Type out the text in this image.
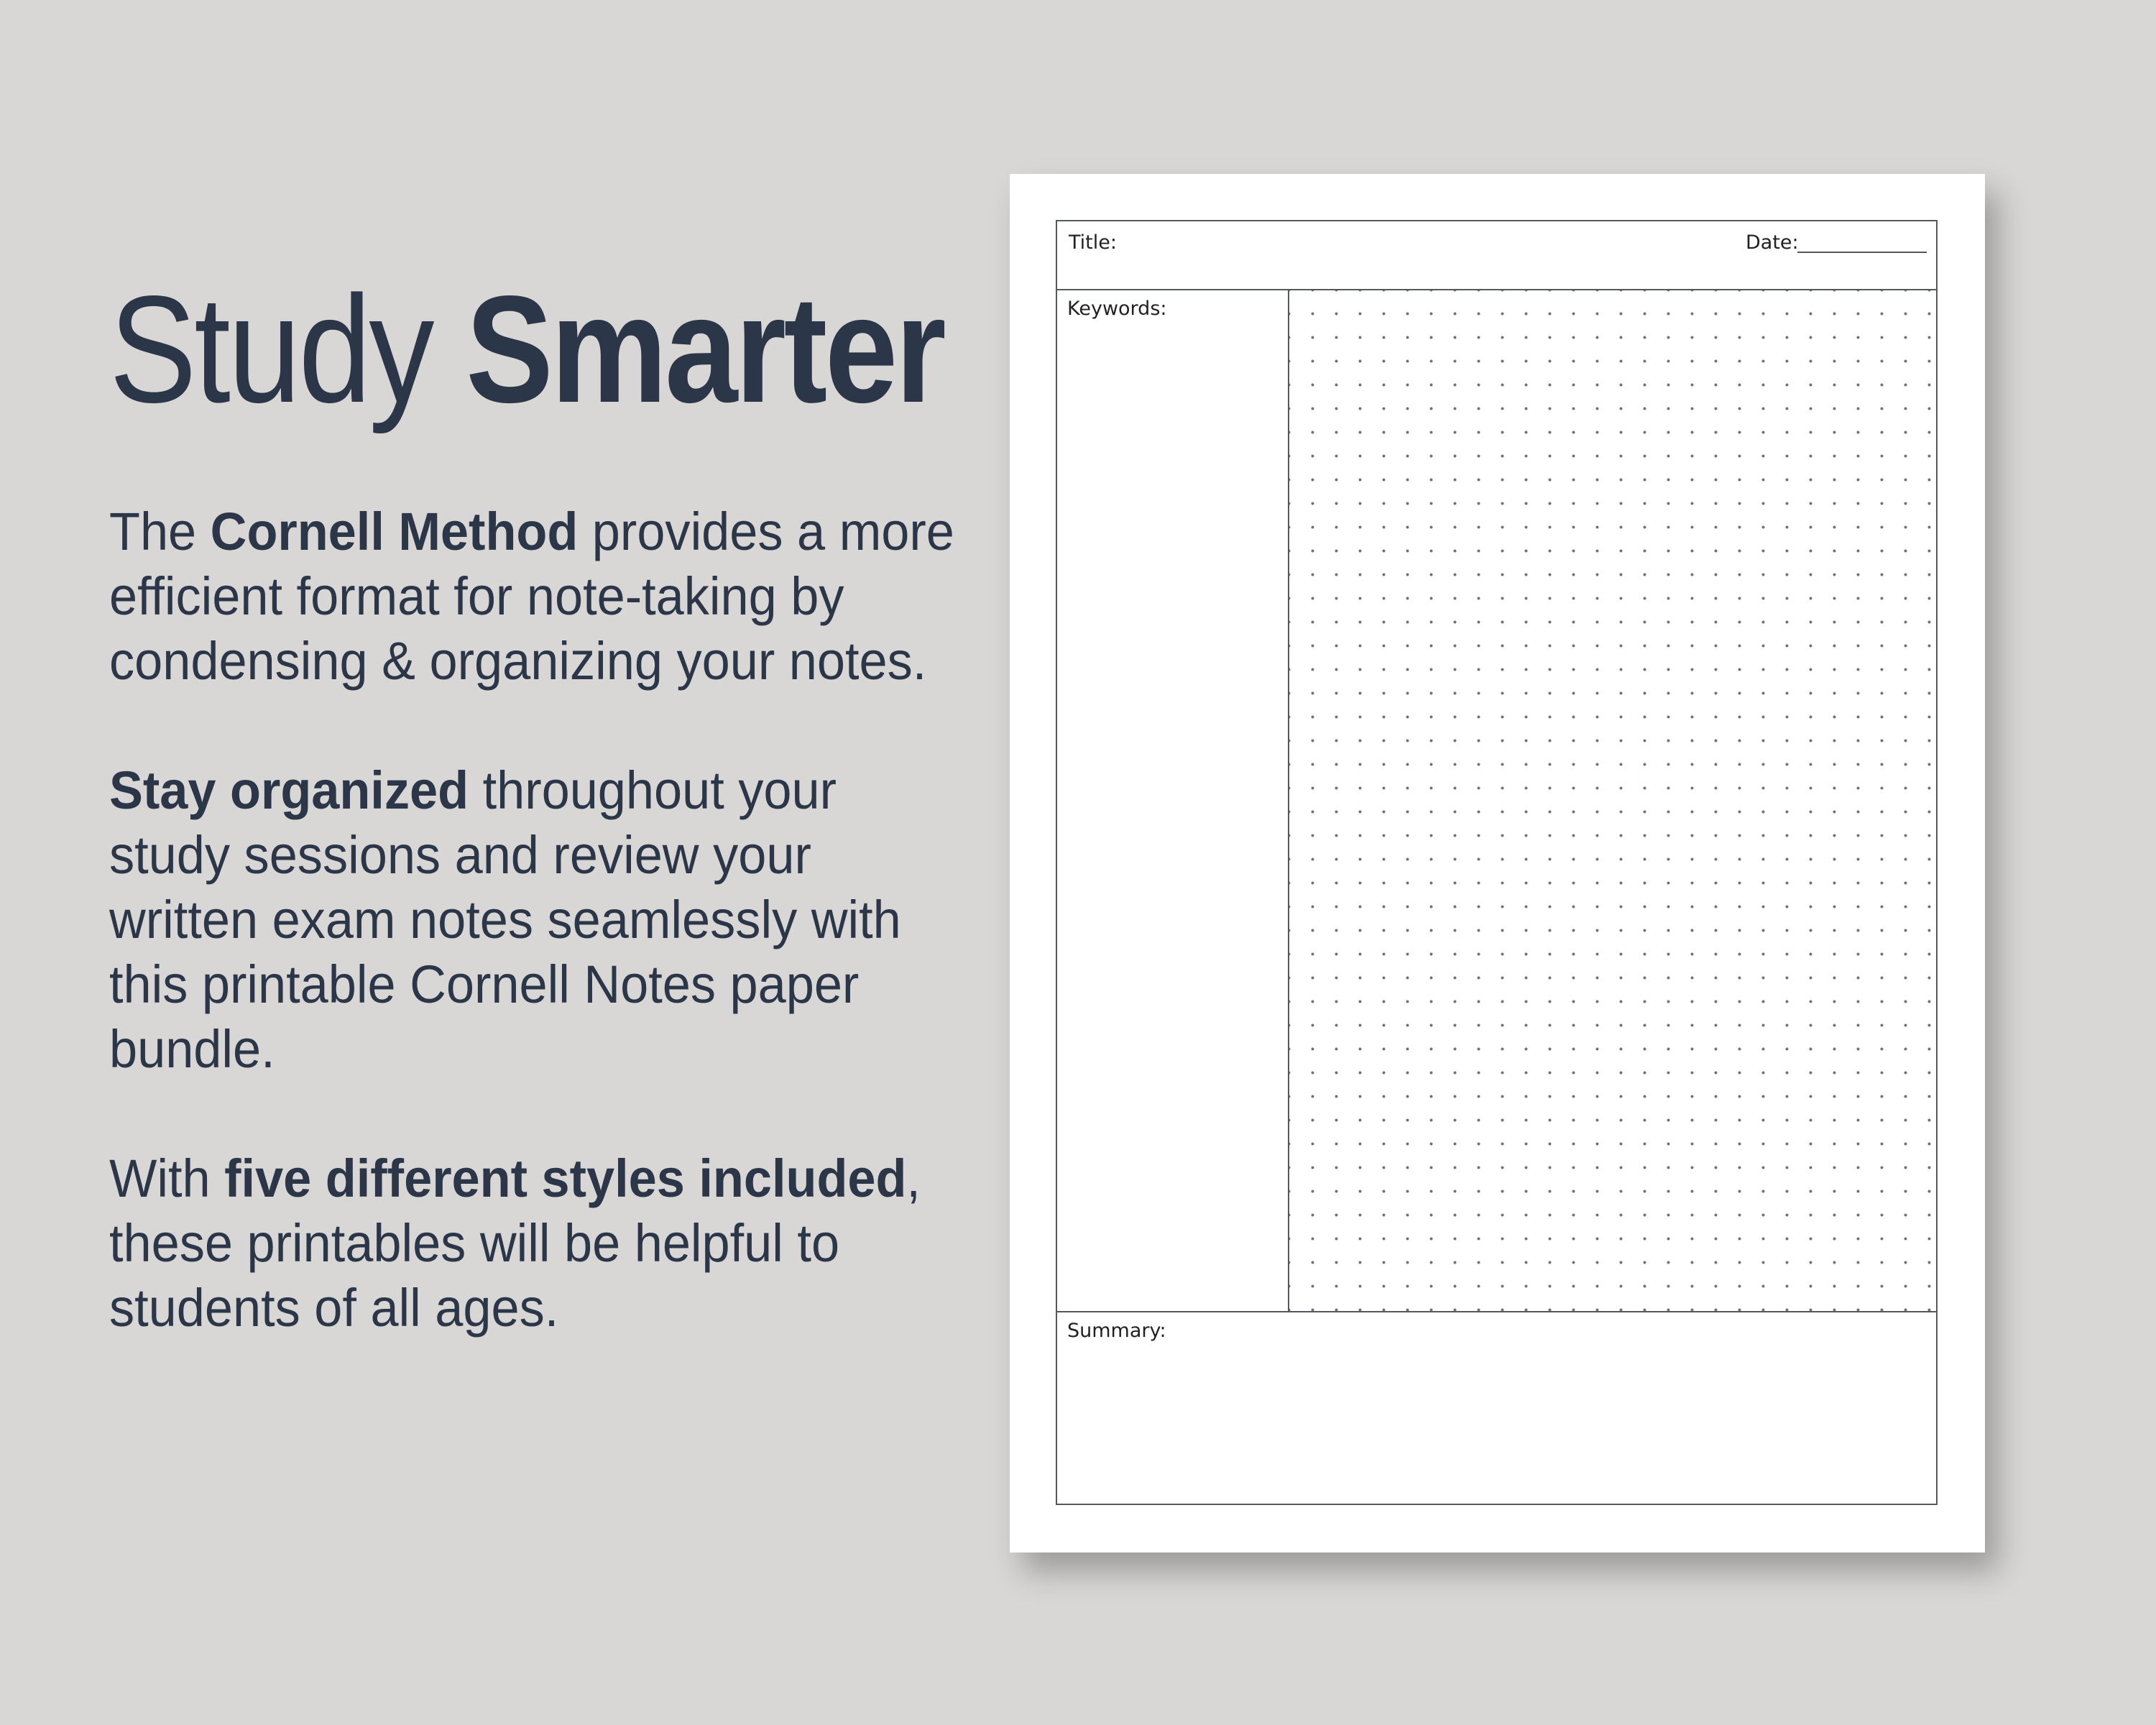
Study Smarter

The Cornell Method provides a more
efficient format for note-taking by
condensing & organizing your notes.

Stay organized throughout your
study sessions and review your
written exam notes seamlessly with
this printable Cornell Notes paper
bundle.

With five different styles included,
these printables will be helpful to
students of all ages.

Title:	Date:
Keywords:
Summary:
